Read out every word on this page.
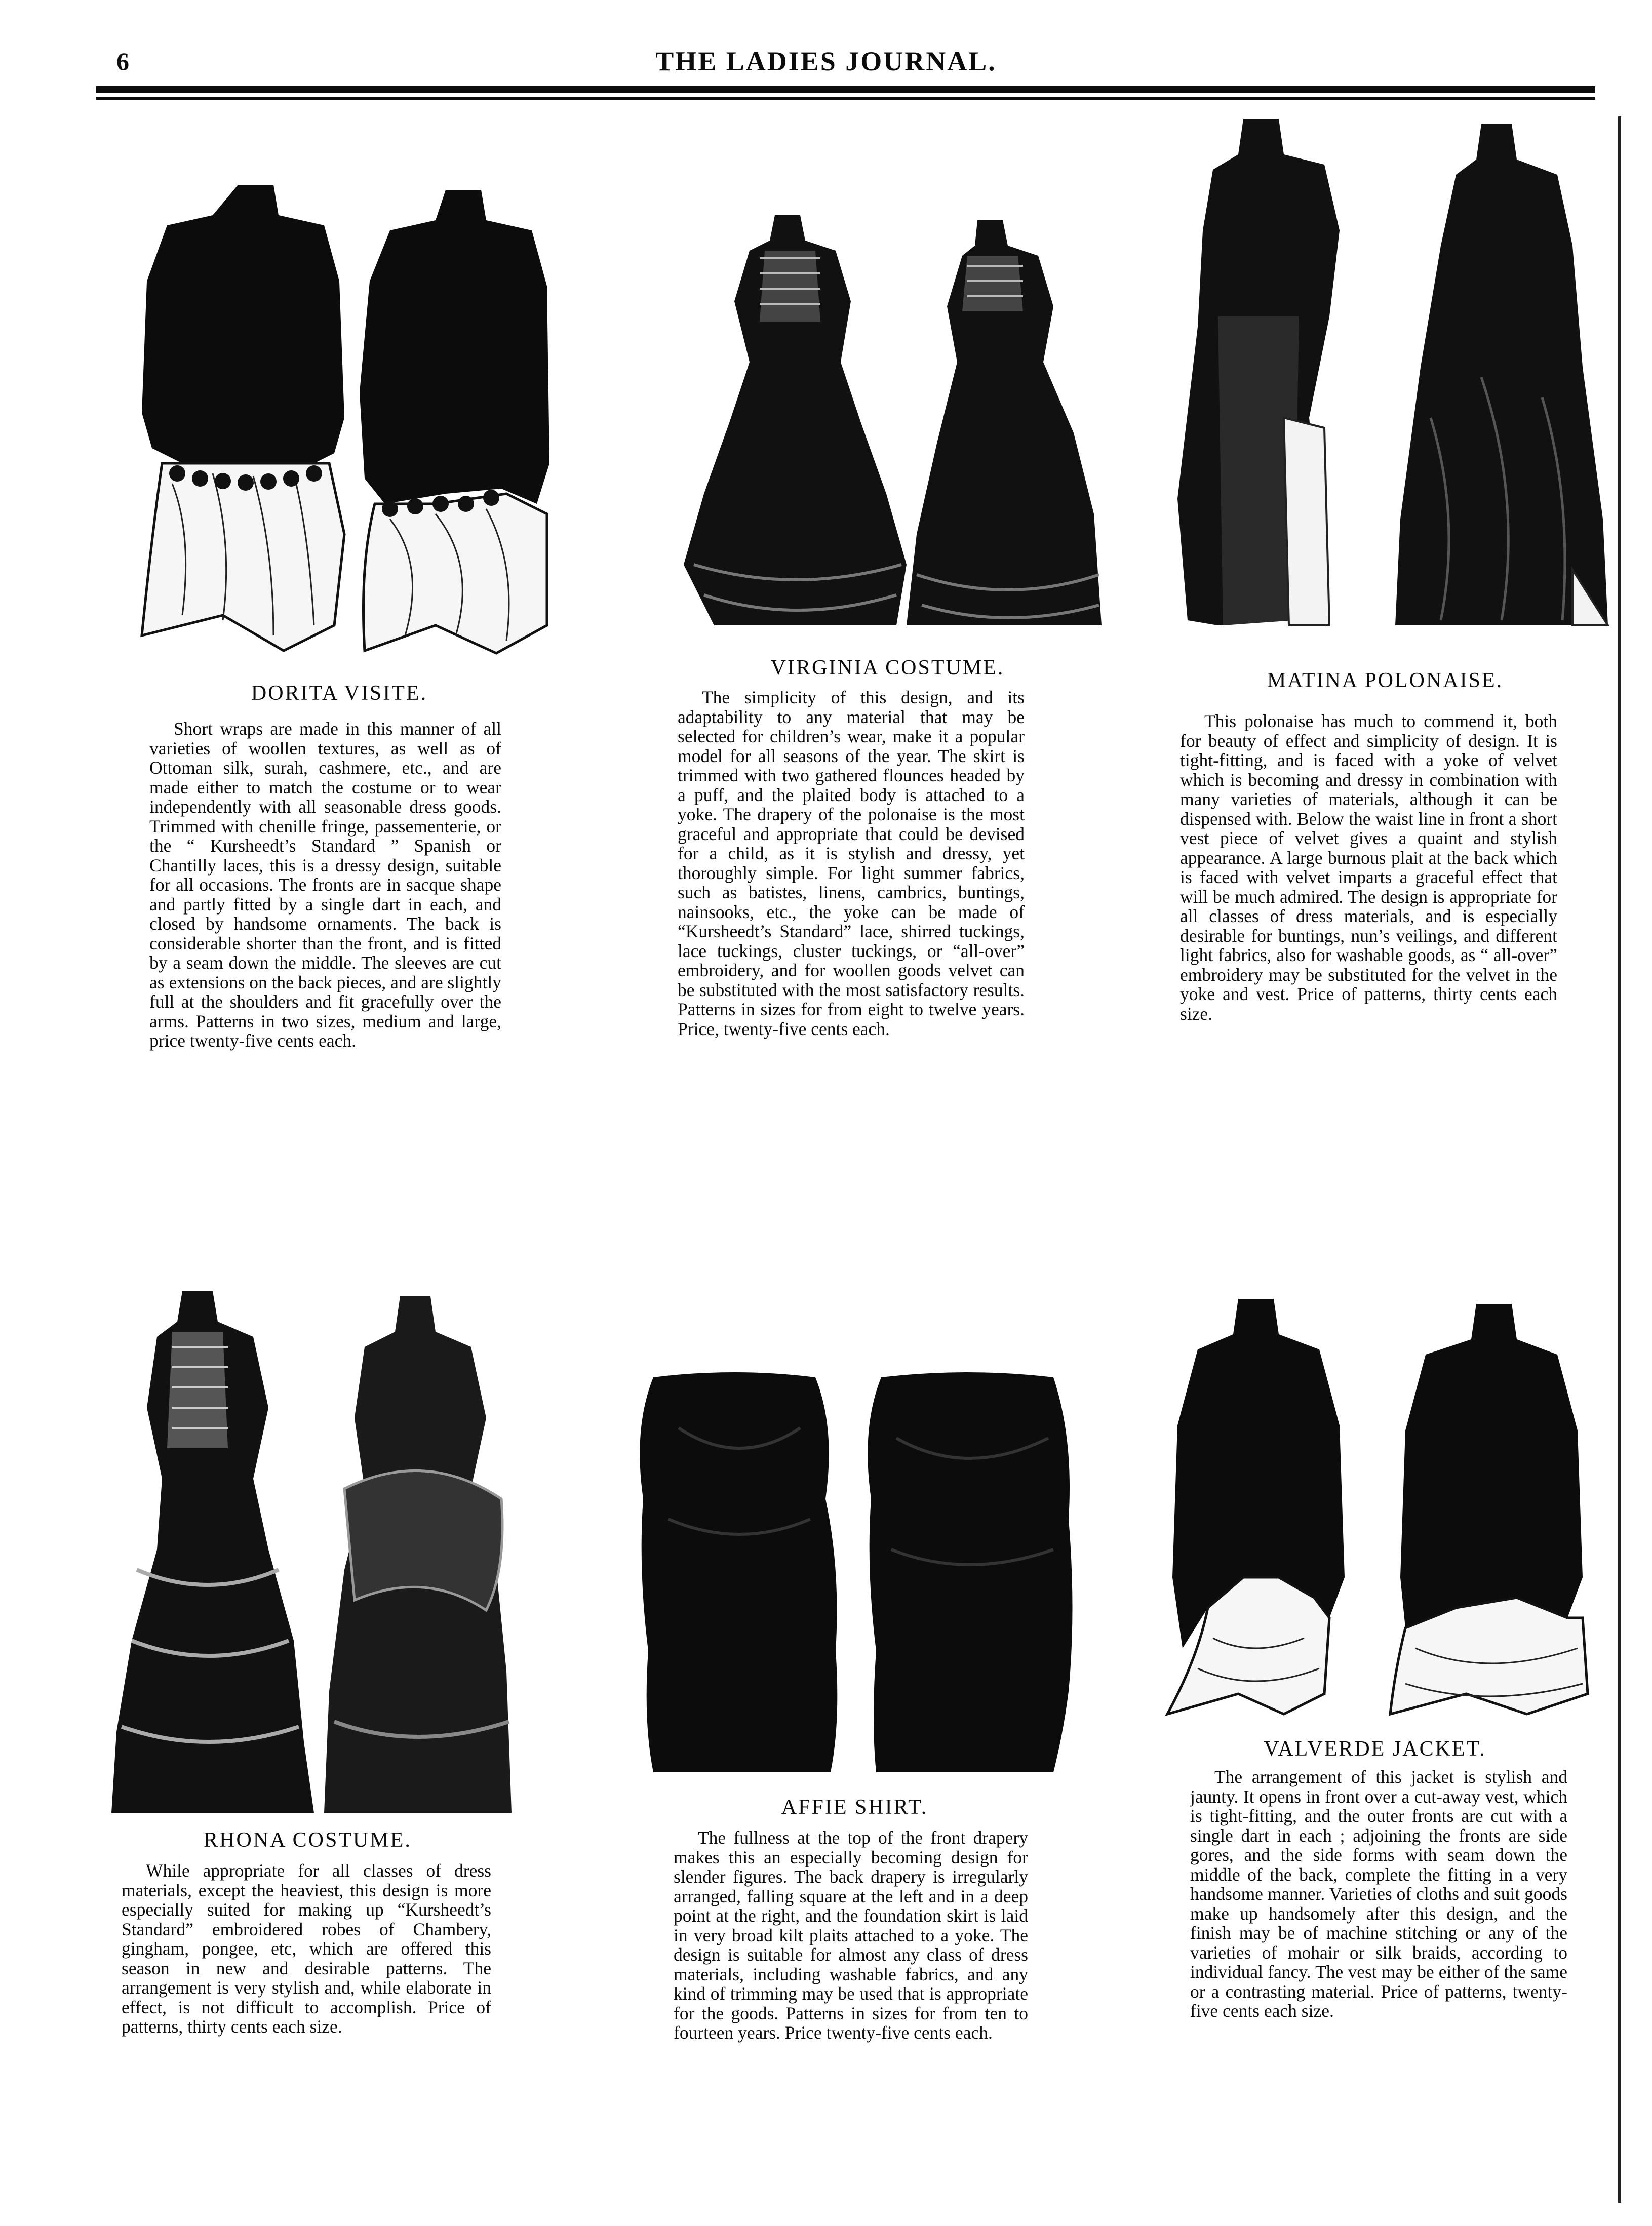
6	THE LADIES JOURNAL.
DORITA VISITE.

Short wraps are made in this manner of all varieties of woollen textures, as well as of Ottoman silk, surah, cashmere, etc., and are made either to match the costume or to wear independently with all seasonable dress goods. Trimmed with chenille fringe, passementerie, or the “ Kursheedt’s Standard ” Spanish or Chantilly laces, this is a dressy design, suitable for all occasions. The fronts are in sacque shape and partly fitted by a single dart in each, and closed by handsome ornaments. The back is considerable shorter than the front, and is fitted by a seam down the middle. The sleeves are cut as extensions on the back pieces, and are slightly full at the shoulders and fit gracefully over the arms. Patterns in two sizes, medium and large, price twenty-five cents each.

VIRGINIA COSTUME.

The simplicity of this design, and its adaptability to any material that may be selected for children’s wear, make it a popular model for all seasons of the year. The skirt is trimmed with two gathered flounces headed by a puff, and the plaited body is attached to a yoke. The drapery of the polonaise is the most graceful and appropriate that could be devised for a child, as it is stylish and dressy, yet thoroughly simple. For light summer fabrics, such as batistes, linens, cambrics, buntings, nainsooks, etc., the yoke can be made of “Kursheedt’s Standard” lace, shirred tuckings, lace tuckings, cluster tuckings, or “all-over” embroidery, and for woollen goods velvet can be substituted with the most satisfactory results. Patterns in sizes for from eight to twelve years. Price, twenty-five cents each.

MATINA POLONAISE.

This polonaise has much to commend it, both for beauty of effect and simplicity of design. It is tight-fitting, and is faced with a yoke of velvet which is becoming and dressy in combination with many varieties of materials, although it can be dispensed with. Below the waist line in front a short vest piece of velvet gives a quaint and stylish appearance. A large burnous plait at the back which is faced with velvet imparts a graceful effect that will be much admired. The design is appropriate for all classes of dress materials, and is especially desirable for buntings, nun’s veilings, and different light fabrics, also for washable goods, as “ all-over” embroidery may be substituted for the velvet in the yoke and vest. Price of patterns, thirty cents each size.

RHONA COSTUME.

While appropriate for all classes of dress materials, except the heaviest, this design is more especially suited for making up “Kursheedt’s Standard” embroidered robes of Chambery, gingham, pongee, etc, which are offered this season in new and desirable patterns. The arrangement is very stylish and, while elaborate in effect, is not difficult to accomplish. Price of patterns, thirty cents each size.

AFFIE SHIRT.

The fullness at the top of the front drapery makes this an especially becoming design for slender figures. The back drapery is irregularly arranged, falling square at the left and in a deep point at the right, and the foundation skirt is laid in very broad kilt plaits attached to a yoke. The design is suitable for almost any class of dress materials, including washable fabrics, and any kind of trimming may be used that is appropriate for the goods. Patterns in sizes for from ten to fourteen years. Price twenty-five cents each.

VALVERDE JACKET.

The arrangement of this jacket is stylish and jaunty. It opens in front over a cut-away vest, which is tight-fitting, and the outer fronts are cut with a single dart in each ; adjoining the fronts are side gores, and the side forms with seam down the middle of the back, complete the fitting in a very handsome manner. Varieties of cloths and suit goods make up handsomely after this design, and the finish may be of machine stitching or any of the varieties of mohair or silk braids, according to individual fancy. The vest may be either of the same or a contrasting material. Price of patterns, twenty-five cents each size.
